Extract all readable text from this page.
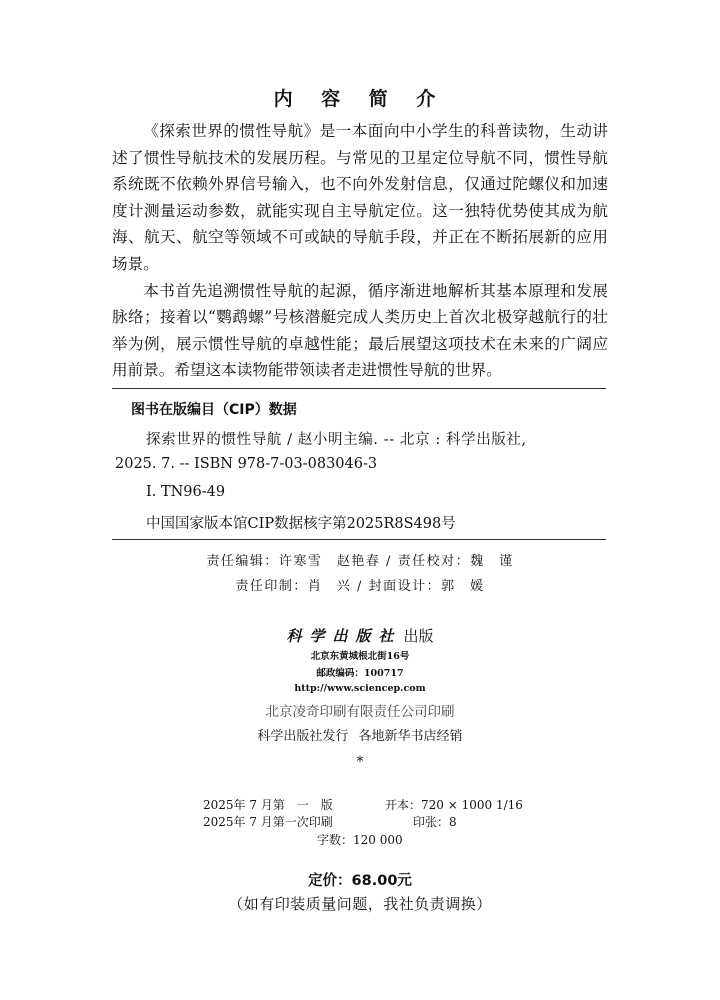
内 容 简 介

《探索世界的惯性导航》是一本面向中小学生的科普读物，生动讲述了惯性导航技术的发展历程。与常见的卫星定位导航不同，惯性导航系统既不依赖外界信号输入，也不向外发射信息，仅通过陀螺仪和加速度计测量运动参数，就能实现自主导航定位。这一独特优势使其成为航海、航天、航空等领域不可或缺的导航手段，并正在不断拓展新的应用场景。

本书首先追溯惯性导航的起源，循序渐进地解析其基本原理和发展脉络；接着以“鹦鹉螺”号核潜艇完成人类历史上首次北极穿越航行的壮举为例，展示惯性导航的卓越性能；最后展望这项技术在未来的广阔应用前景。希望这本读物能带领读者走进惯性导航的世界。

图书在版编目（CIP）数据
探索世界的惯性导航 / 赵小明主编. -- 北京 : 科学出版社,
2025. 7. -- ISBN 978-7-03-083046-3
Ⅰ. TN96-49
中国国家版本馆CIP数据核字第2025R8S498号
责任编辑：许寒雪　赵艳春 / 责任校对：魏　谨
责任印制：肖　兴 / 封面设计：郭　媛
科学出版社 出版
北京东黄城根北街16号
邮政编码：100717
http://www.sciencep.com
北京凌奇印刷有限责任公司印刷
科学出版社发行 各地新华书店经销
*
2025年 7 月第　一　版
2025年 7 月第一次印刷
开本：720 × 1000 1/16
印张：8
字数：120 000
定价：68.00元
（如有印装质量问题，我社负责调换）
